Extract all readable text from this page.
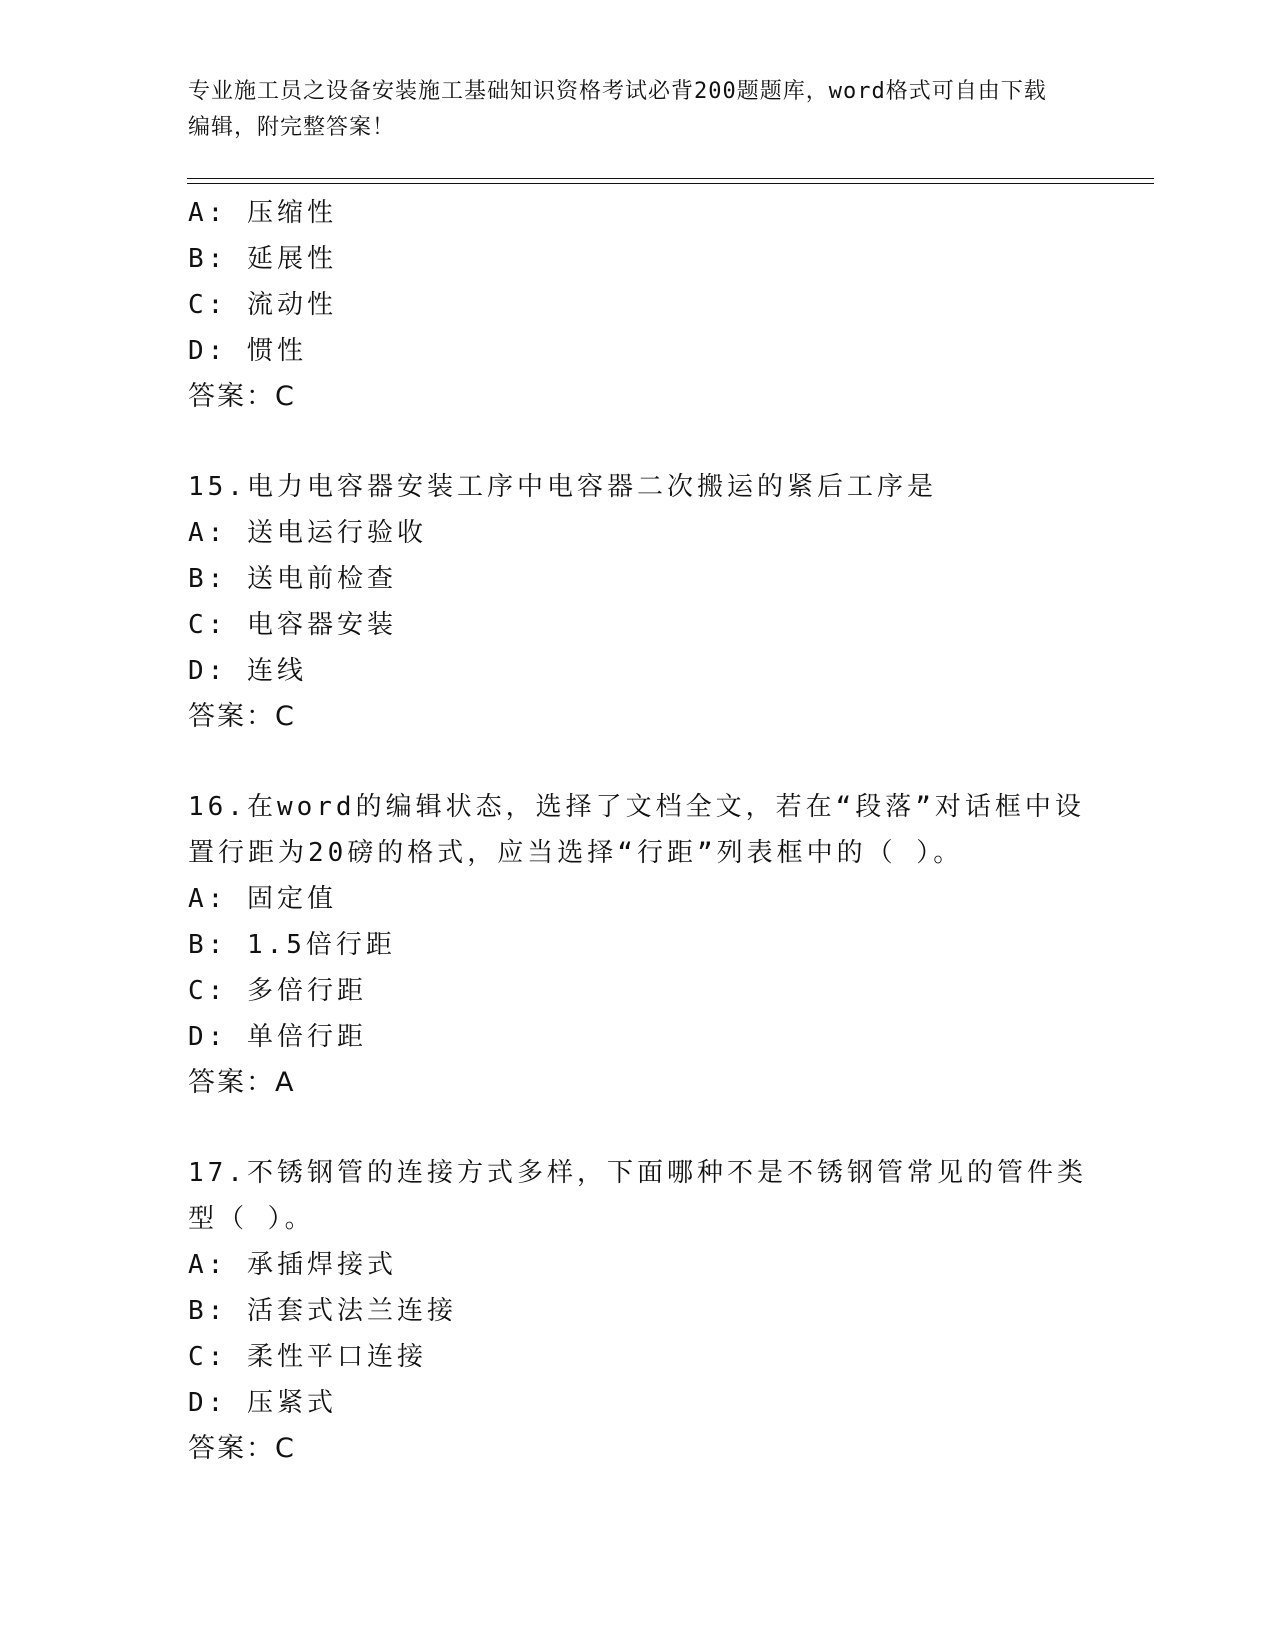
专业施工员之设备安装施工基础知识资格考试必背200题题库，word格式可自由下载编辑，附完整答案！
A: 压缩性
B: 延展性
C: 流动性
D: 惯性
答案：C
15.电力电容器安装工序中电容器二次搬运的紧后工序是
A: 送电运行验收
B: 送电前检查
C: 电容器安装
D: 连线
答案：C
16.在word的编辑状态，选择了文档全文，若在“段落”对话框中设置行距为20磅的格式，应当选择“行距”列表框中的（ ）。
A: 固定值
B: 1.5倍行距
C: 多倍行距
D: 单倍行距
答案：A
17.不锈钢管的连接方式多样，下面哪种不是不锈钢管常见的管件类型（ ）。
A: 承插焊接式
B: 活套式法兰连接
C: 柔性平口连接
D: 压紧式
答案：C
